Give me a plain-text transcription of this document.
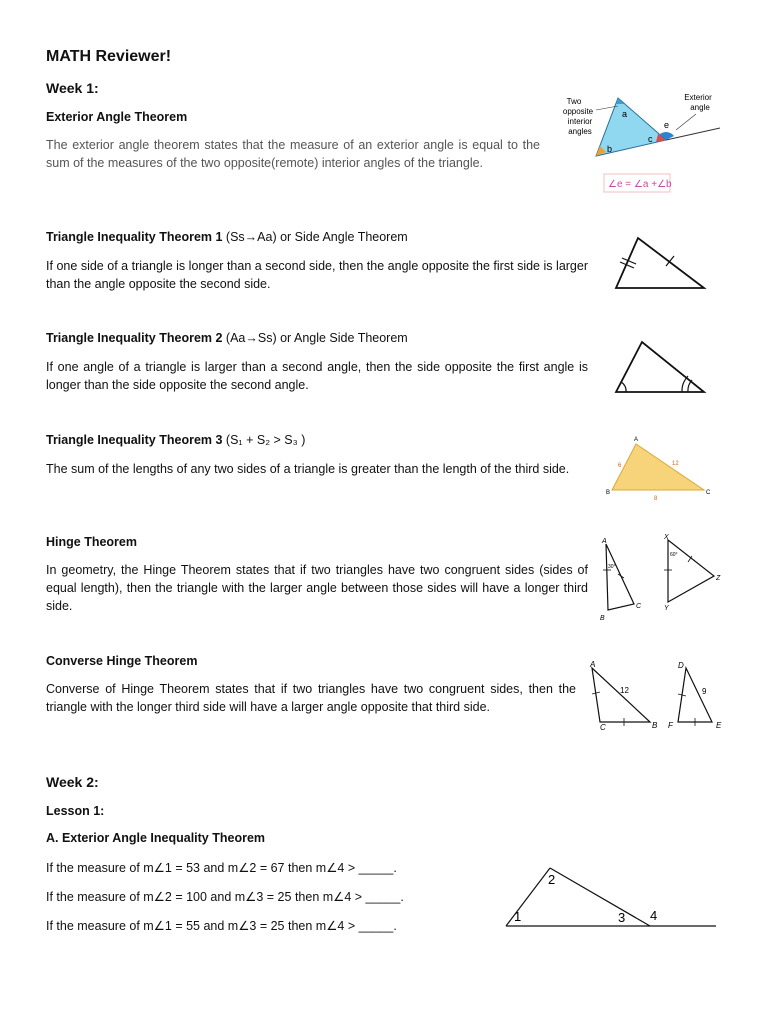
MATH Reviewer!
Week 1:
Exterior Angle Theorem
The exterior angle theorem states that the measure of an exterior angle is equal to the sum of the measures of the two opposite(remote) interior angles of the triangle.
∠e = ∠a +∠b
a
b
c
e
Two
opposite
interior
angles
Exterior
angle
Triangle Inequality Theorem 1 (Ss→Aa) or Side Angle Theorem
If one side of a triangle is longer than a second side, then the angle opposite the first side is larger than the angle opposite the second side.
Triangle Inequality Theorem 2 (Aa→Ss) or Angle Side Theorem
If one angle of a triangle is larger than a second angle, then the side opposite the first angle is longer than the side opposite the second angle.
Triangle Inequality Theorem 3 (S₁ + S₂ > S₃ )
The sum of the lengths of any two sides of a triangle is greater than the length of the third side.
A
B	C
6	12
8
Hinge Theorem
In geometry, the Hinge Theorem states that if two triangles have two congruent sides (sides of equal length), then the triangle with the larger angle between those sides will have a longer third side.
A
B
C
X
Y
Z
30°
60°
Converse Hinge Theorem
Converse of Hinge Theorem states that if two triangles have two congruent sides, then the triangle with the longer third side will have a larger angle opposite that third side.
A
C	B
D
F	E
12	9
Week 2:
Lesson 1:
A. Exterior Angle Inequality Theorem
If the measure of m∠1 = 53 and m∠2 = 67 then m∠4 > _____.
If the measure of m∠2 = 100 and m∠3 = 25 then m∠4 > _____.
If the measure of m∠1 = 55 and m∠3 = 25 then m∠4 > _____.
1
2
3 4
